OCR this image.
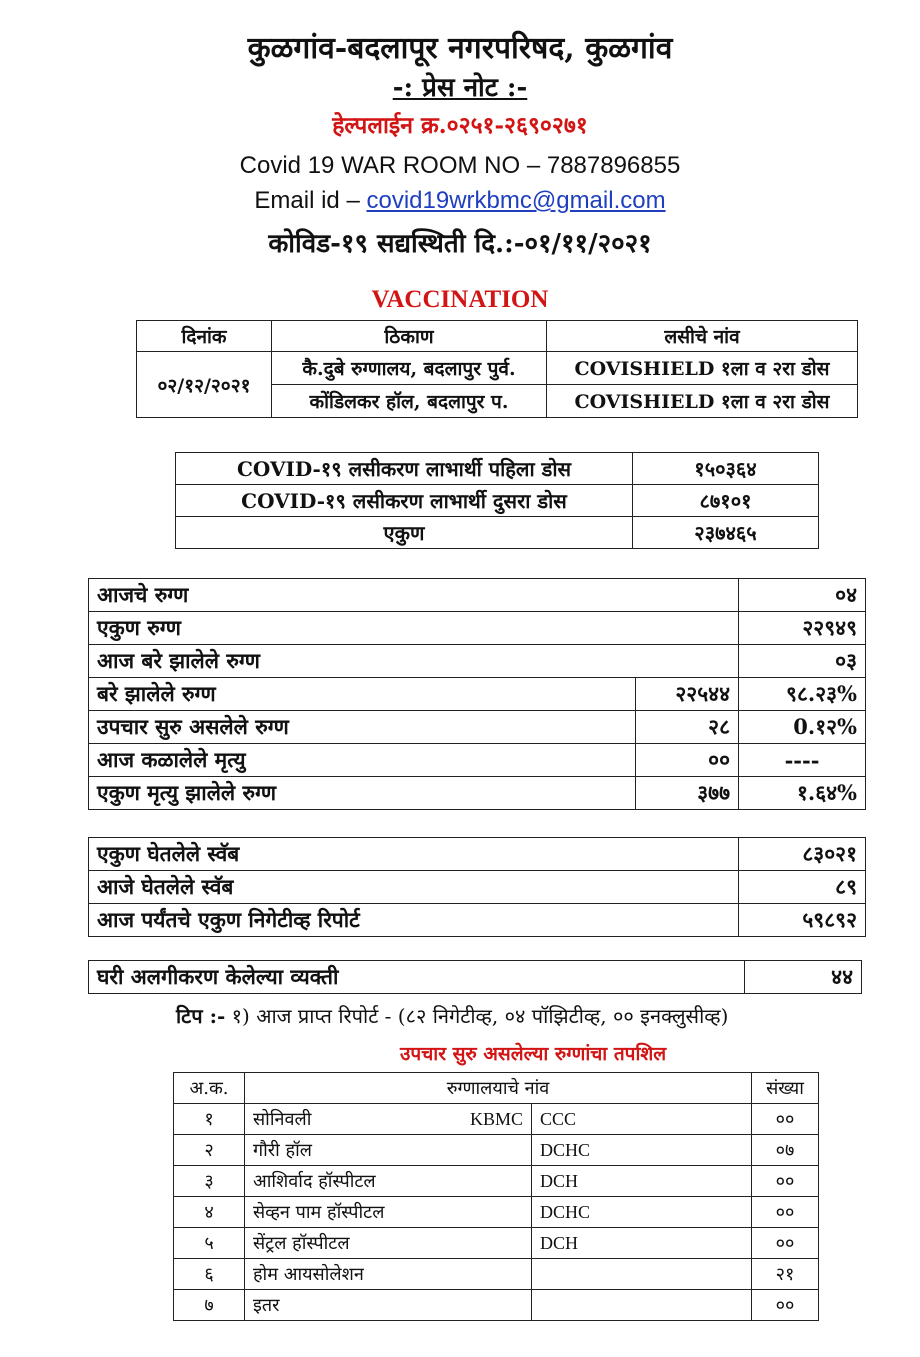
कुळगांव-बदलापूर नगरपरिषद, कुळगांव
-: प्रेस नोट :-
हेल्पलाईन क्र.०२५१-२६९०२७१
Covid 19 WAR ROOM NO – 7887896855
Email id – covid19wrkbmc@gmail.com
कोविड-१९ सद्यस्थिती दि.:-०१/११/२०२१
VACCINATION
दिनांक	ठिकाण	लसीचे नांव
०२/१२/२०२१	कै.दुबे रुग्णालय, बदलापुर पुर्व.	COVISHIELD १ला व २रा डोस
	कोंडिलकर हॉल, बदलापुर प.	COVISHIELD १ला व २रा डोस
COVID-१९ लसीकरण लाभार्थी पहिला डोस	१५०३६४
COVID-१९ लसीकरण लाभार्थी दुसरा डोस	८७१०१
एकुण	२३७४६५
आजचे रुग्ण		०४
एकुण रुग्ण		२२९४९
आज बरे झालेले रुग्ण		०३
बरे झालेले रुग्ण	२२५४४	९८.२३%
उपचार सुरु असलेले रुग्ण	२८	0.१२%
आज कळालेले मृत्यु	००	----
एकुण मृत्यु झालेले रुग्ण	३७७	१.६४%
एकुण घेतलेले स्वॅब	८३०२१
आजे घेतलेले स्वॅब	८९
आज पर्यंतचे एकुण निगेटीव्ह रिपोर्ट	५९८९२
घरी अलगीकरण केलेल्या व्यक्ती	४४
टिप :- १) आज प्राप्त रिपोर्ट - (८२ निगेटीव्ह, ०४ पॉझिटीव्ह, ०० इनक्लुसीव्ह)
उपचार सुरु असलेल्या रुग्णांचा तपशिल
अ.क.	रुग्णालयाचे नांव			संख्या
१	सोनिवली	KBMC	CCC	००
२	गौरी हॉल		DCHC	०७
३	आशिर्वाद हॉस्पीटल		DCH	००
४	सेव्हन पाम हॉस्पीटल		DCHC	००
५	सेंट्रल हॉस्पीटल		DCH	००
६	होम आयसोलेशन			२१
७	इतर			००
